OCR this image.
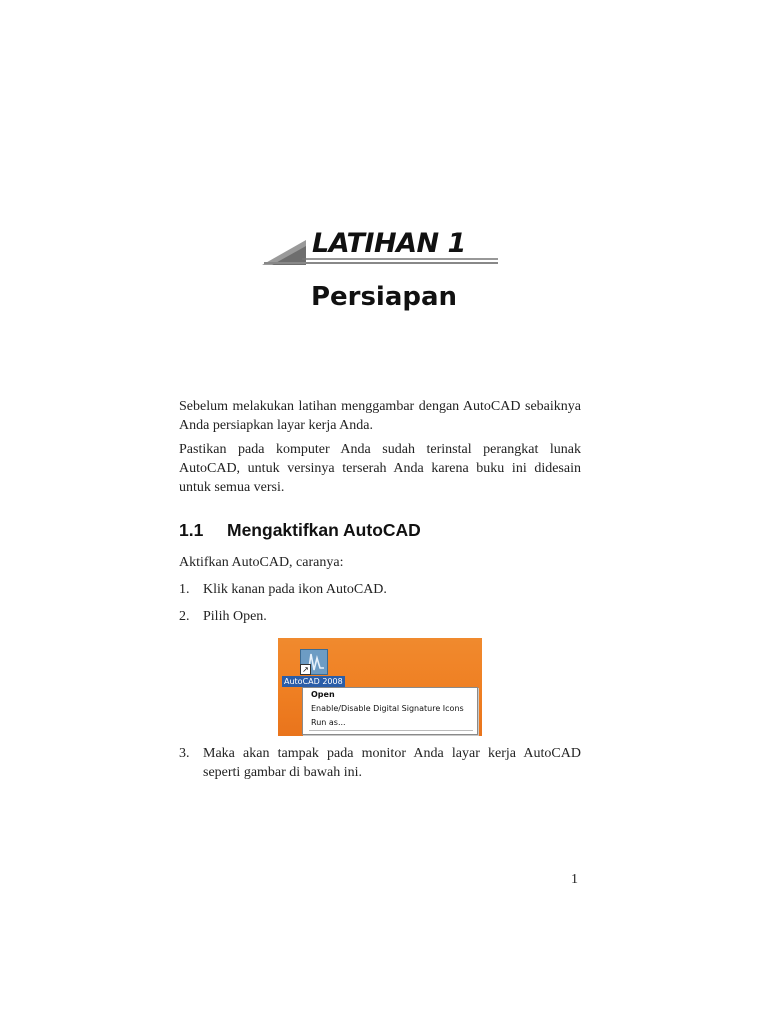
LATIHAN 1
Persiapan

Sebelum melakukan latihan menggambar dengan AutoCAD sebaiknya Anda persiapkan layar kerja Anda.

Pastikan pada komputer Anda sudah terinstal perangkat lunak AutoCAD, untuk versinya terserah Anda karena buku ini didesain untuk semua versi.

1.1 Mengaktifkan AutoCAD
Aktifkan AutoCAD, caranya:
1. Klik kanan pada ikon AutoCAD.
2. Pilih Open.
↗
AutoCAD 2008
Open
Enable/Disable Digital Signature Icons
Run as...
3. Maka akan tampak pada monitor Anda layar kerja AutoCAD seperti gambar di bawah ini.
1
